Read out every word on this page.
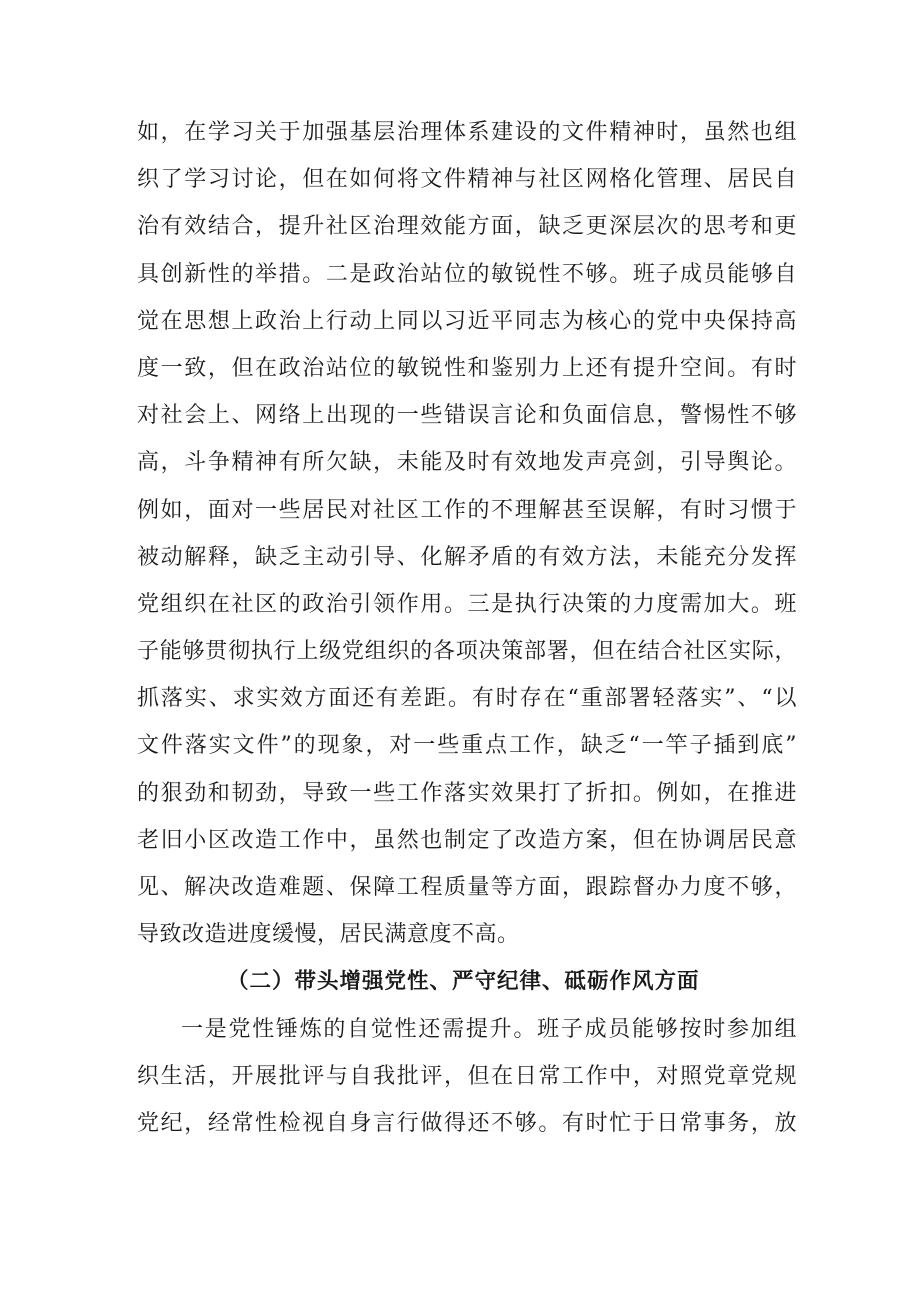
如，在学习关于加强基层治理体系建设的文件精神时，虽然也组
织了学习讨论，但在如何将文件精神与社区网格化管理、居民自
治有效结合，提升社区治理效能方面，缺乏更深层次的思考和更
具创新性的举措。二是政治站位的敏锐性不够。班子成员能够自
觉在思想上政治上行动上同以习近平同志为核心的党中央保持高
度一致，但在政治站位的敏锐性和鉴别力上还有提升空间。有时
对社会上、网络上出现的一些错误言论和负面信息，警惕性不够
高，斗争精神有所欠缺，未能及时有效地发声亮剑，引导舆论。
例如，面对一些居民对社区工作的不理解甚至误解，有时习惯于
被动解释，缺乏主动引导、化解矛盾的有效方法，未能充分发挥
党组织在社区的政治引领作用。三是执行决策的力度需加大。班
子能够贯彻执行上级党组织的各项决策部署，但在结合社区实际，
抓落实、求实效方面还有差距。有时存在“重部署轻落实”、“以
文件落实文件”的现象，对一些重点工作，缺乏“一竿子插到底”
的狠劲和韧劲，导致一些工作落实效果打了折扣。例如，在推进
老旧小区改造工作中，虽然也制定了改造方案，但在协调居民意
见、解决改造难题、保障工程质量等方面，跟踪督办力度不够，
导致改造进度缓慢，居民满意度不高。
（二）带头增强党性、严守纪律、砥砺作风方面
一是党性锤炼的自觉性还需提升。班子成员能够按时参加组
织生活，开展批评与自我批评，但在日常工作中，对照党章党规
党纪，经常性检视自身言行做得还不够。有时忙于日常事务，放
